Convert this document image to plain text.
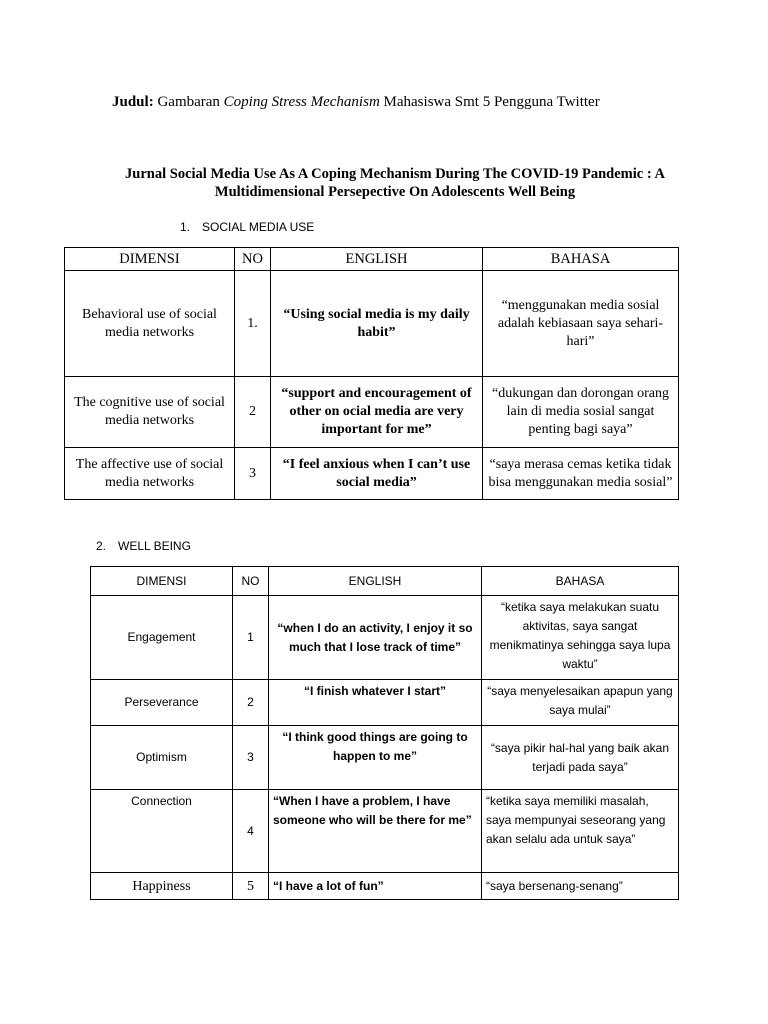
Judul: Gambaran Coping Stress Mechanism Mahasiswa Smt 5 Pengguna Twitter
Jurnal Social Media Use As A Coping Mechanism During The COVID-19 Pandemic : A
Multidimensional Persepective On Adolescents Well Being
1. SOCIAL MEDIA USE
DIMENSI	NO	ENGLISH	BAHASA
Behavioral use of social media networks	1.	“Using social media is my daily habit”	“menggunakan media sosial adalah kebiasaan saya sehari-hari”
The cognitive use of social media networks	2	“support and encouragement of other on ocial media are very important for me”	“dukungan dan dorongan orang lain di media sosial sangat penting bagi saya”
The affective use of social media networks	3	“I feel anxious when I can’t use social media”	“saya merasa cemas ketika tidak bisa menggunakan media sosial”
2. WELL BEING
DIMENSI	NO	ENGLISH	BAHASA
Engagement	1	“when I do an activity, I enjoy it so much that I lose track of time”	“ketika saya melakukan suatu aktivitas, saya sangat menikmatinya sehingga saya lupa waktu”
Perseverance	2	“I finish whatever I start”	“saya menyelesaikan apapun yang saya mulai”
Optimism	3	“I think good things are going to happen to me”	“saya pikir hal-hal yang baik akan terjadi pada saya”
Connection	4	“When I have a problem, I have someone who will be there for me”	“ketika saya memiliki masalah, saya mempunyai seseorang yang akan selalu ada untuk saya”
Happiness	5	“I have a lot of fun”	“saya bersenang-senang”
